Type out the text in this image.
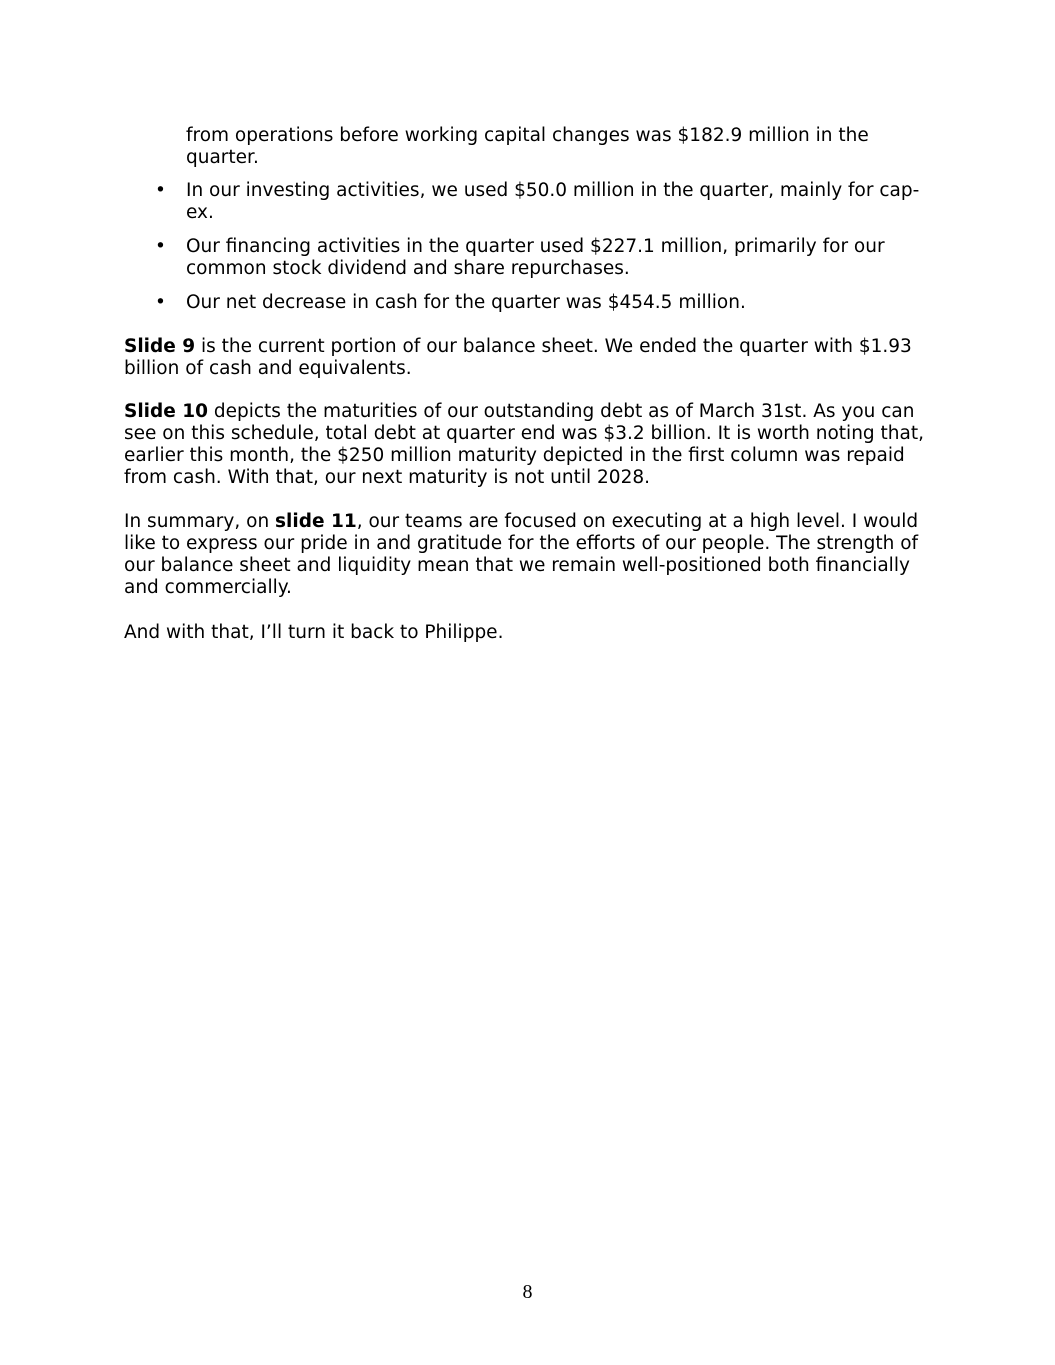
from operations before working capital changes was $182.9 million in the quarter.

•	In our investing activities, we used $50.0 million in the quarter, mainly for cap-ex.

•	Our financing activities in the quarter used $227.1 million, primarily for our common stock dividend and share repurchases.

•	Our net decrease in cash for the quarter was $454.5 million.

Slide 9 is the current portion of our balance sheet. We ended the quarter with $1.93 billion of cash and equivalents.

Slide 10 depicts the maturities of our outstanding debt as of March 31st. As you can see on this schedule, total debt at quarter end was $3.2 billion. It is worth noting that, earlier this month, the $250 million maturity depicted in the first column was repaid from cash. With that, our next maturity is not until 2028.

In summary, on slide 11, our teams are focused on executing at a high level. I would like to express our pride in and gratitude for the efforts of our people. The strength of our balance sheet and liquidity mean that we remain well-positioned both financially and commercially.

And with that, I’ll turn it back to Philippe.

8
